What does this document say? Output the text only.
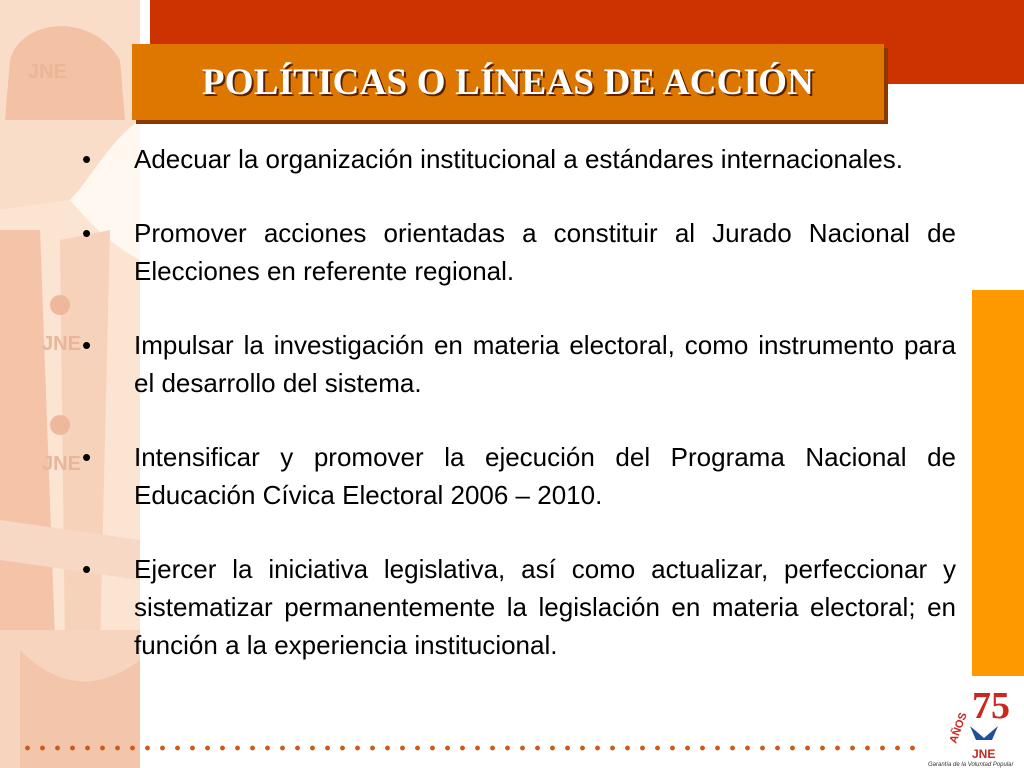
JNE
JNE
JNE
POLÍTICAS O LÍNEAS DE ACCIÓN
•	Adecuar la organización institucional a estándares internacionales.
•	Promover acciones orientadas a constituir al Jurado Nacional de Elecciones en referente regional.
•	Impulsar la investigación en materia electoral, como instrumento para el desarrollo del sistema.
•	Intensificar y promover la ejecución del Programa Nacional de Educación Cívica Electoral 2006 – 2010.
•	Ejercer la iniciativa legislativa, así como actualizar, perfeccionar y sistematizar permanentemente la legislación en materia electoral; en función a la experiencia institucional.
75
AÑOS
JNE
Garantía de la Voluntad Popular
